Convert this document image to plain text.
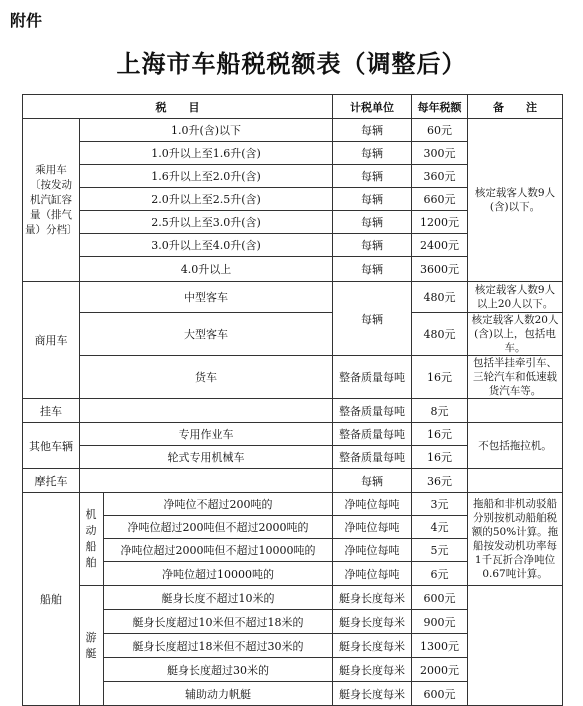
附件
上海市车船税税额表（调整后）
税　　目			计税单位	每年税额	备　　注
乘用车〔按发动机汽缸容量（排气量）分档〕	1.0升(含)以下		每辆	60元	核定载客人数9人(含)以下。
	1.0升以上至1.6升(含)		每辆	300元	
	1.6升以上至2.0升(含)		每辆	360元	
	2.0升以上至2.5升(含)		每辆	660元	
	2.5升以上至3.0升(含)		每辆	1200元	
	3.0升以上至4.0升(含)		每辆	2400元	
	4.0升以上		每辆	3600元	
商用车	中型客车		每辆	480元	核定载客人数9人以上20人以下。
	大型客车			480元	核定载客人数20人(含)以上，包括电车。
	货车		整备质量每吨	16元	包括半挂牵引车、三轮汽车和低速载货汽车等。
挂车			整备质量每吨	8元	
其他车辆	专用作业车		整备质量每吨	16元	不包括拖拉机。
	轮式专用机械车		整备质量每吨	16元	
摩托车			每辆	36元	
船舶	机动船舶	净吨位不超过200吨的	净吨位每吨	3元	拖船和非机动驳船分别按机动船舶税额的50%计算。拖船按发动机功率每1千瓦折合净吨位0.67吨计算。
		净吨位超过200吨但不超过2000吨的	净吨位每吨	4元	
		净吨位超过2000吨但不超过10000吨的	净吨位每吨	5元	
		净吨位超过10000吨的	净吨位每吨	6元	
	游艇	艇身长度不超过10米的	艇身长度每米	600元	
		艇身长度超过10米但不超过18米的	艇身长度每米	900元	
		艇身长度超过18米但不超过30米的	艇身长度每米	1300元	
		艇身长度超过30米的	艇身长度每米	2000元	
		辅助动力帆艇	艇身长度每米	600元	
